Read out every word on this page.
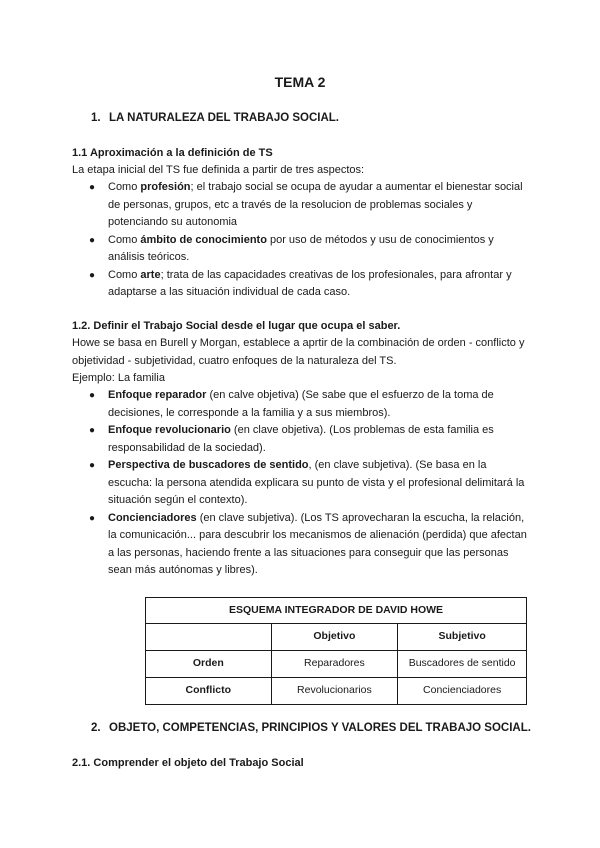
TEMA 2
1. LA NATURALEZA DEL TRABAJO SOCIAL.
1.1 Aproximación a la definición de TS
La etapa inicial del TS fue definida a partir de tres aspectos:
● Como profesión; el trabajo social se ocupa de ayudar a aumentar el bienestar social de personas, grupos, etc a través de la resolucion de problemas sociales y potenciando su autonomia
● Como ámbito de conocimiento por uso de métodos y usu de conocimientos y análisis teóricos.
● Como arte; trata de las capacidades creativas de los profesionales, para afrontar y adaptarse a las situación individual de cada caso.
1.2. Definir el Trabajo Social desde el lugar que ocupa el saber.
Howe se basa en Burell y Morgan, establece a aprtir de la combinación de orden - conflicto y objetividad - subjetividad, cuatro enfoques de la naturaleza del TS.
Ejemplo: La familia
● Enfoque reparador (en calve objetiva) (Se sabe que el esfuerzo de la toma de decisiones, le corresponde a la familia y a sus miembros).
● Enfoque revolucionario (en clave objetiva). (Los problemas de esta familia es responsabilidad de la sociedad).
● Perspectiva de buscadores de sentido, (en clave subjetiva). (Se basa en la escucha: la persona atendida explicara su punto de vista y el profesional delimitará la situación según el contexto).
● Concienciadores (en clave subjetiva). (Los TS aprovecharan la escucha, la relación, la comunicación... para descubrir los mecanismos de alienación (perdida) que afectan a las personas, haciendo frente a las situaciones para conseguir que las personas sean más autónomas y libres).
ESQUEMA INTEGRADOR DE DAVID HOWE		
	Objetivo	Subjetivo
Orden	Reparadores	Buscadores de sentido
Conflicto	Revolucionarios	Concienciadores
2. OBJETO, COMPETENCIAS, PRINCIPIOS Y VALORES DEL TRABAJO SOCIAL.
2.1. Comprender el objeto del Trabajo Social
